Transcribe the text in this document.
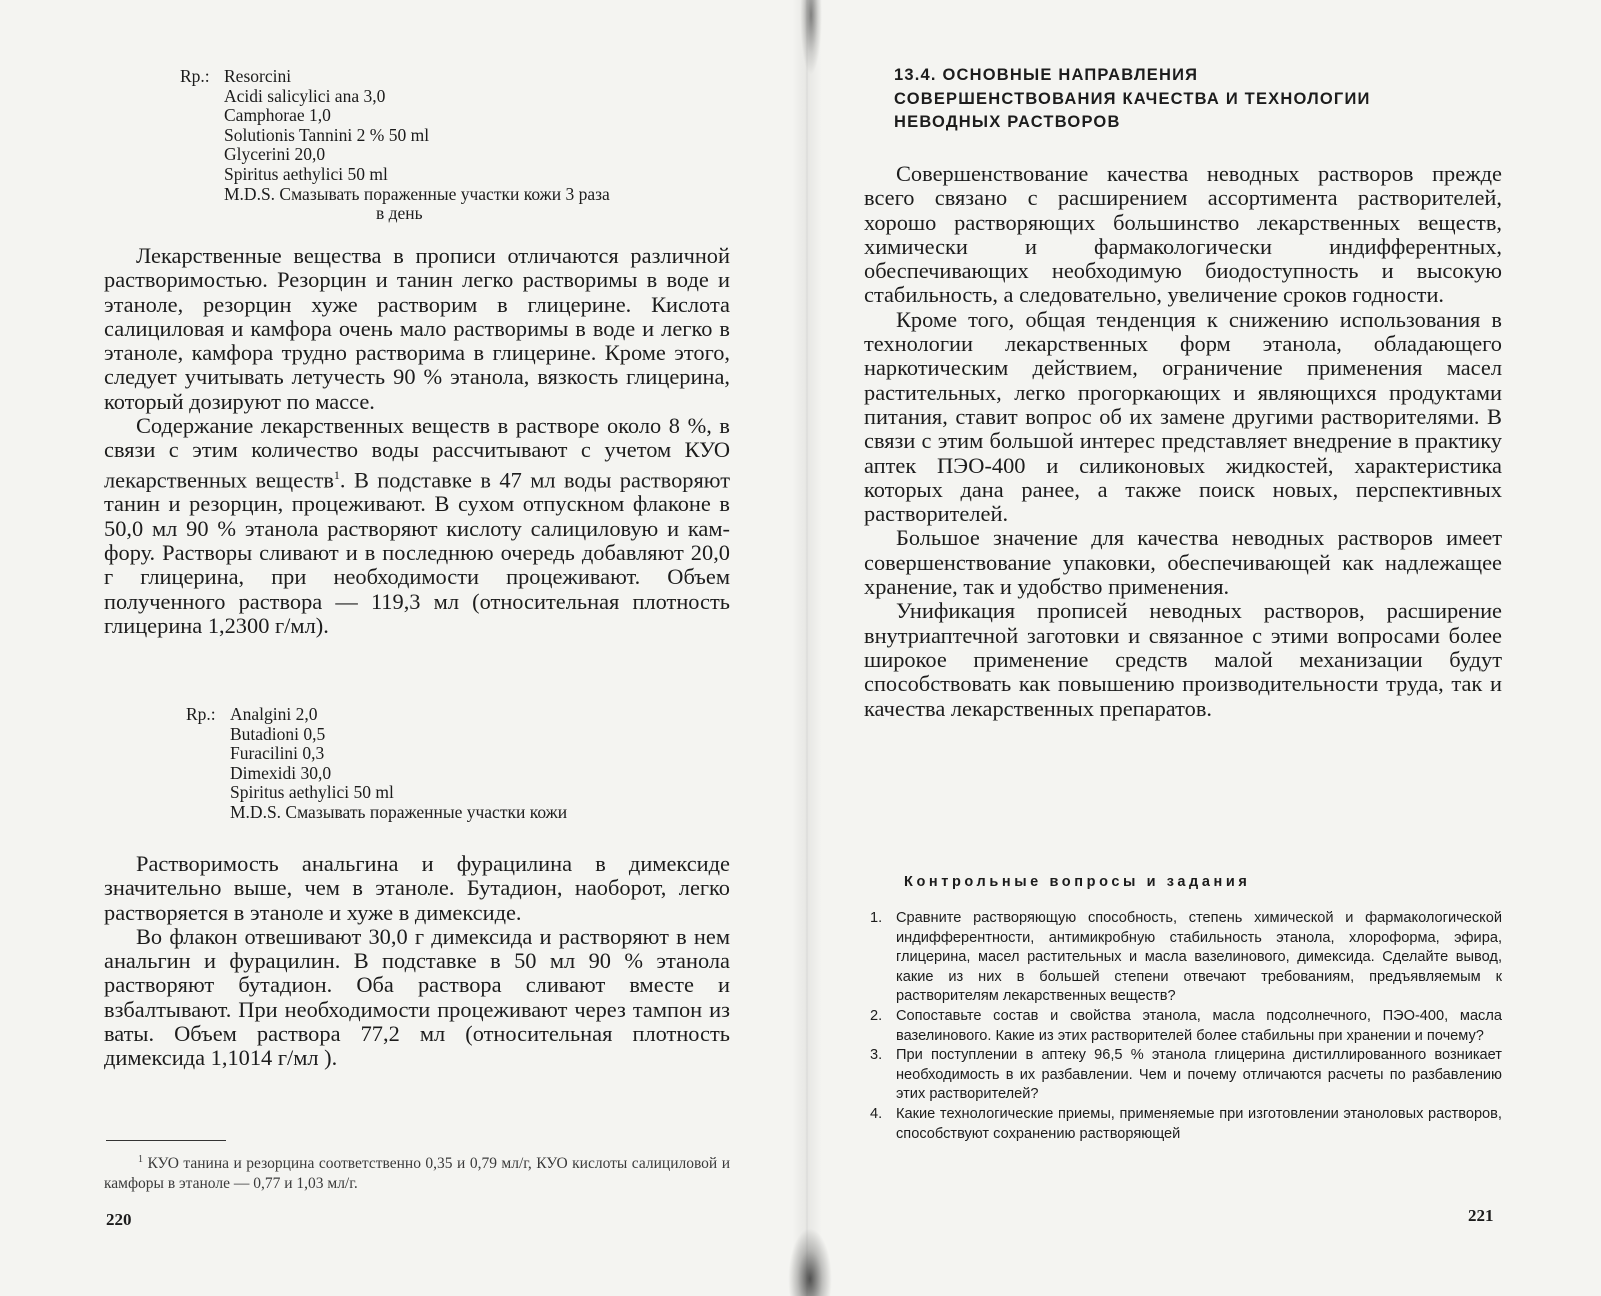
Rp.: Resorcini
Acidi salicylici ana 3,0
Camphorae 1,0
Solutionis Tannini 2 % 50 ml
Glycerini 20,0
Spiritus aethylici 50 ml
M.D.S. Смазывать пораженные участки кожи 3 раза
в день

Лекарственные вещества в прописи отличаются различной растворимостью. Резорцин и танин легко растворимы в воде и этаноле, резорцин хуже растворим в глицерине. Кислота салициловая и камфора очень мало растворимы в воде и легко в этаноле, камфора трудно растворима в глицерине. Кроме этого, следует учитывать летучесть 90 % этанола, вязкость глицерина, который дозируют по массе.

Содержание лекарственных веществ в растворе около 8 %, в связи с этим количество воды рассчитывают с учетом КУО лекарственных веществ$^1$. В подставке в 47 мл воды растворяют танин и резорцин, процеживают. В сухом отпускном флаконе в 50,0 мл 90 % этанола растворяют кислоту салициловую и камфору. Растворы сливают и в последнюю очередь добавляют 20,0 г глицерина, при необходимости процеживают. Объем полученного раствора — 119,3 мл (относительная плотность глицерина 1,2300 г/мл).

Rp.: Analgini 2,0
Butadioni 0,5
Furacilini 0,3
Dimexidi 30,0
Spiritus aethylici 50 ml
M.D.S. Смазывать пораженные участки кожи

Растворимость анальгина и фурацилина в димексиде значительно выше, чем в этаноле. Бутадион, наоборот, легко растворяется в этаноле и хуже в димексиде.

Во флакон отвешивают 30,0 г димексида и растворяют в нем анальгин и фурацилин. В подставке в 50 мл 90 % этанола растворяют бутадион. Оба раствора сливают вместе и взбалтывают. При необходимости процеживают через тампон из ваты. Объем раствора 77,2 мл (относительная плотность димексида 1,1014 г/мл ).

$^1$ КУО танина и резорцина соответственно 0,35 и 0,79 мл/г, КУО кислоты салициловой и камфоры в этаноле — 0,77 и 1,03 мл/г.

220

13.4. ОСНОВНЫЕ НАПРАВЛЕНИЯ

СОВЕРШЕНСТВОВАНИЯ КАЧЕСТВА И ТЕХНОЛОГИИ

НЕВОДНЫХ РАСТВОРОВ

Совершенствование качества неводных растворов прежде всего связано с расширением ассортимента растворителей, хорошо растворяющих большинство лекарственных веществ, химически и фармакологически индифферентных, обеспечивающих необходимую биодоступность и высокую стабильность, а следовательно, увеличение сроков годности.

Кроме того, общая тенденция к снижению использования в технологии лекарственных форм этанола, обладающего наркотическим действием, ограничение применения масел растительных, легко прогоркающих и являющихся продуктами питания, ставит вопрос об их замене другими растворителями. В связи с этим большой интерес представляет внедрение в практику аптек ПЭО-400 и силиконовых жидкостей, характеристика которых дана ранее, а также поиск новых, перспективных растворителей.

Большое значение для качества неводных растворов имеет совершенствование упаковки, обеспечивающей как надлежащее хранение, так и удобство применения.

Унификация прописей неводных растворов, расширение внутриаптечной заготовки и связанное с этими вопросами более широкое применение средств малой механизации будут способствовать как повышению производительности труда, так и качества лекарственных препаратов.

Контрольные вопросы и задания

1. Сравните растворяющую способность, степень химической и фармакологической индифферентности, антимикробную стабильность этанола, хлороформа, эфира, глицерина, масел растительных и масла вазелинового, димексида. Сделайте вывод, какие из них в большей степени отвечают требованиям, предъявляемым к растворителям лекарственных веществ?
2. Сопоставьте состав и свойства этанола, масла подсолнечного, ПЭО-400, масла вазелинового. Какие из этих растворителей более стабильны при хранении и почему?
3. При поступлении в аптеку 96,5 % этанола глицерина дистиллированного возникает необходимость в их разбавлении. Чем и почему отличаются расчеты по разбавлению этих растворителей?
4. Какие технологические приемы, применяемые при изготовлении этаноловых растворов, способствуют сохранению растворяющей
221
